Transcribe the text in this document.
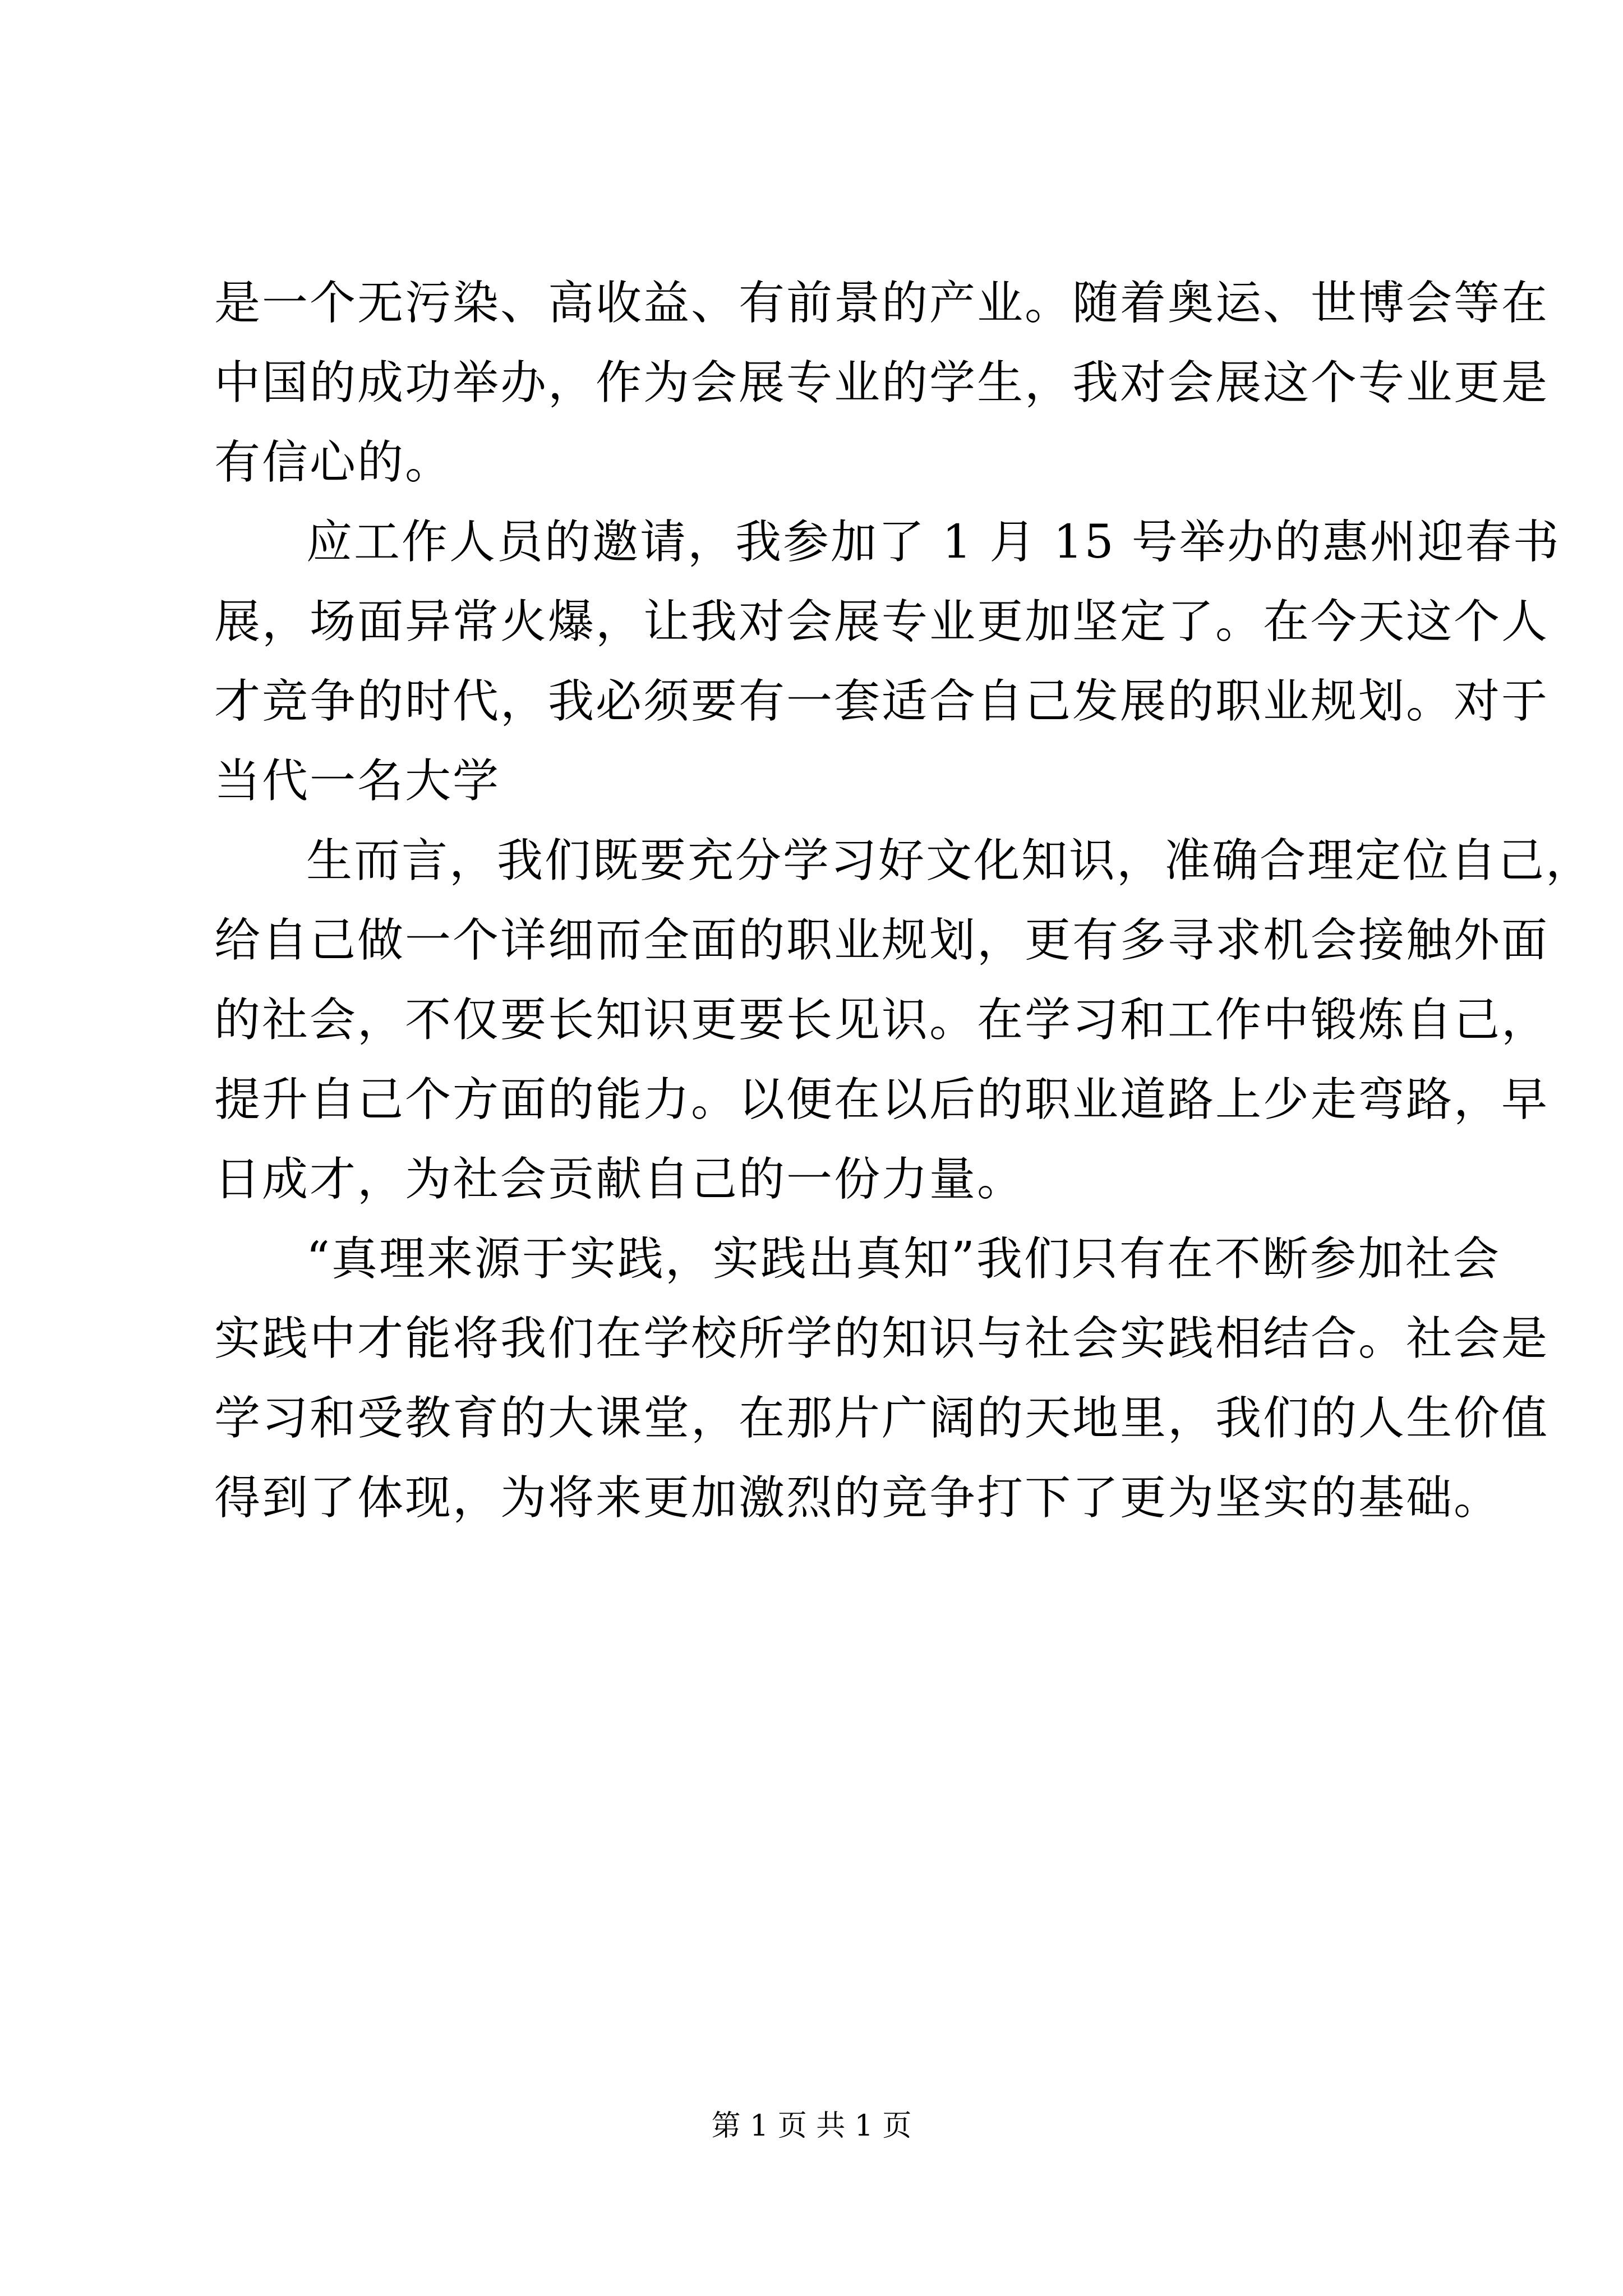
是一个无污染、高收益、有前景的产业。随着奥运、世博会等在
中国的成功举办，作为会展专业的学生，我对会展这个专业更是
有信心的。
应工作人员的邀请，我参加了 1 月 15 号举办的惠州迎春书
展，场面异常火爆，让我对会展专业更加坚定了。在今天这个人
才竞争的时代，我必须要有一套适合自己发展的职业规划。对于
当代一名大学
生而言，我们既要充分学习好文化知识，准确合理定位自己，
给自己做一个详细而全面的职业规划，更有多寻求机会接触外面
的社会，不仅要长知识更要长见识。在学习和工作中锻炼自己，
提升自己个方面的能力。以便在以后的职业道路上少走弯路，早
日成才，为社会贡献自己的一份力量。
“真理来源于实践，实践出真知”我们只有在不断参加社会
实践中才能将我们在学校所学的知识与社会实践相结合。社会是
学习和受教育的大课堂，在那片广阔的天地里，我们的人生价值
得到了体现，为将来更加激烈的竞争打下了更为坚实的基础。
第 1 页 共 1 页
